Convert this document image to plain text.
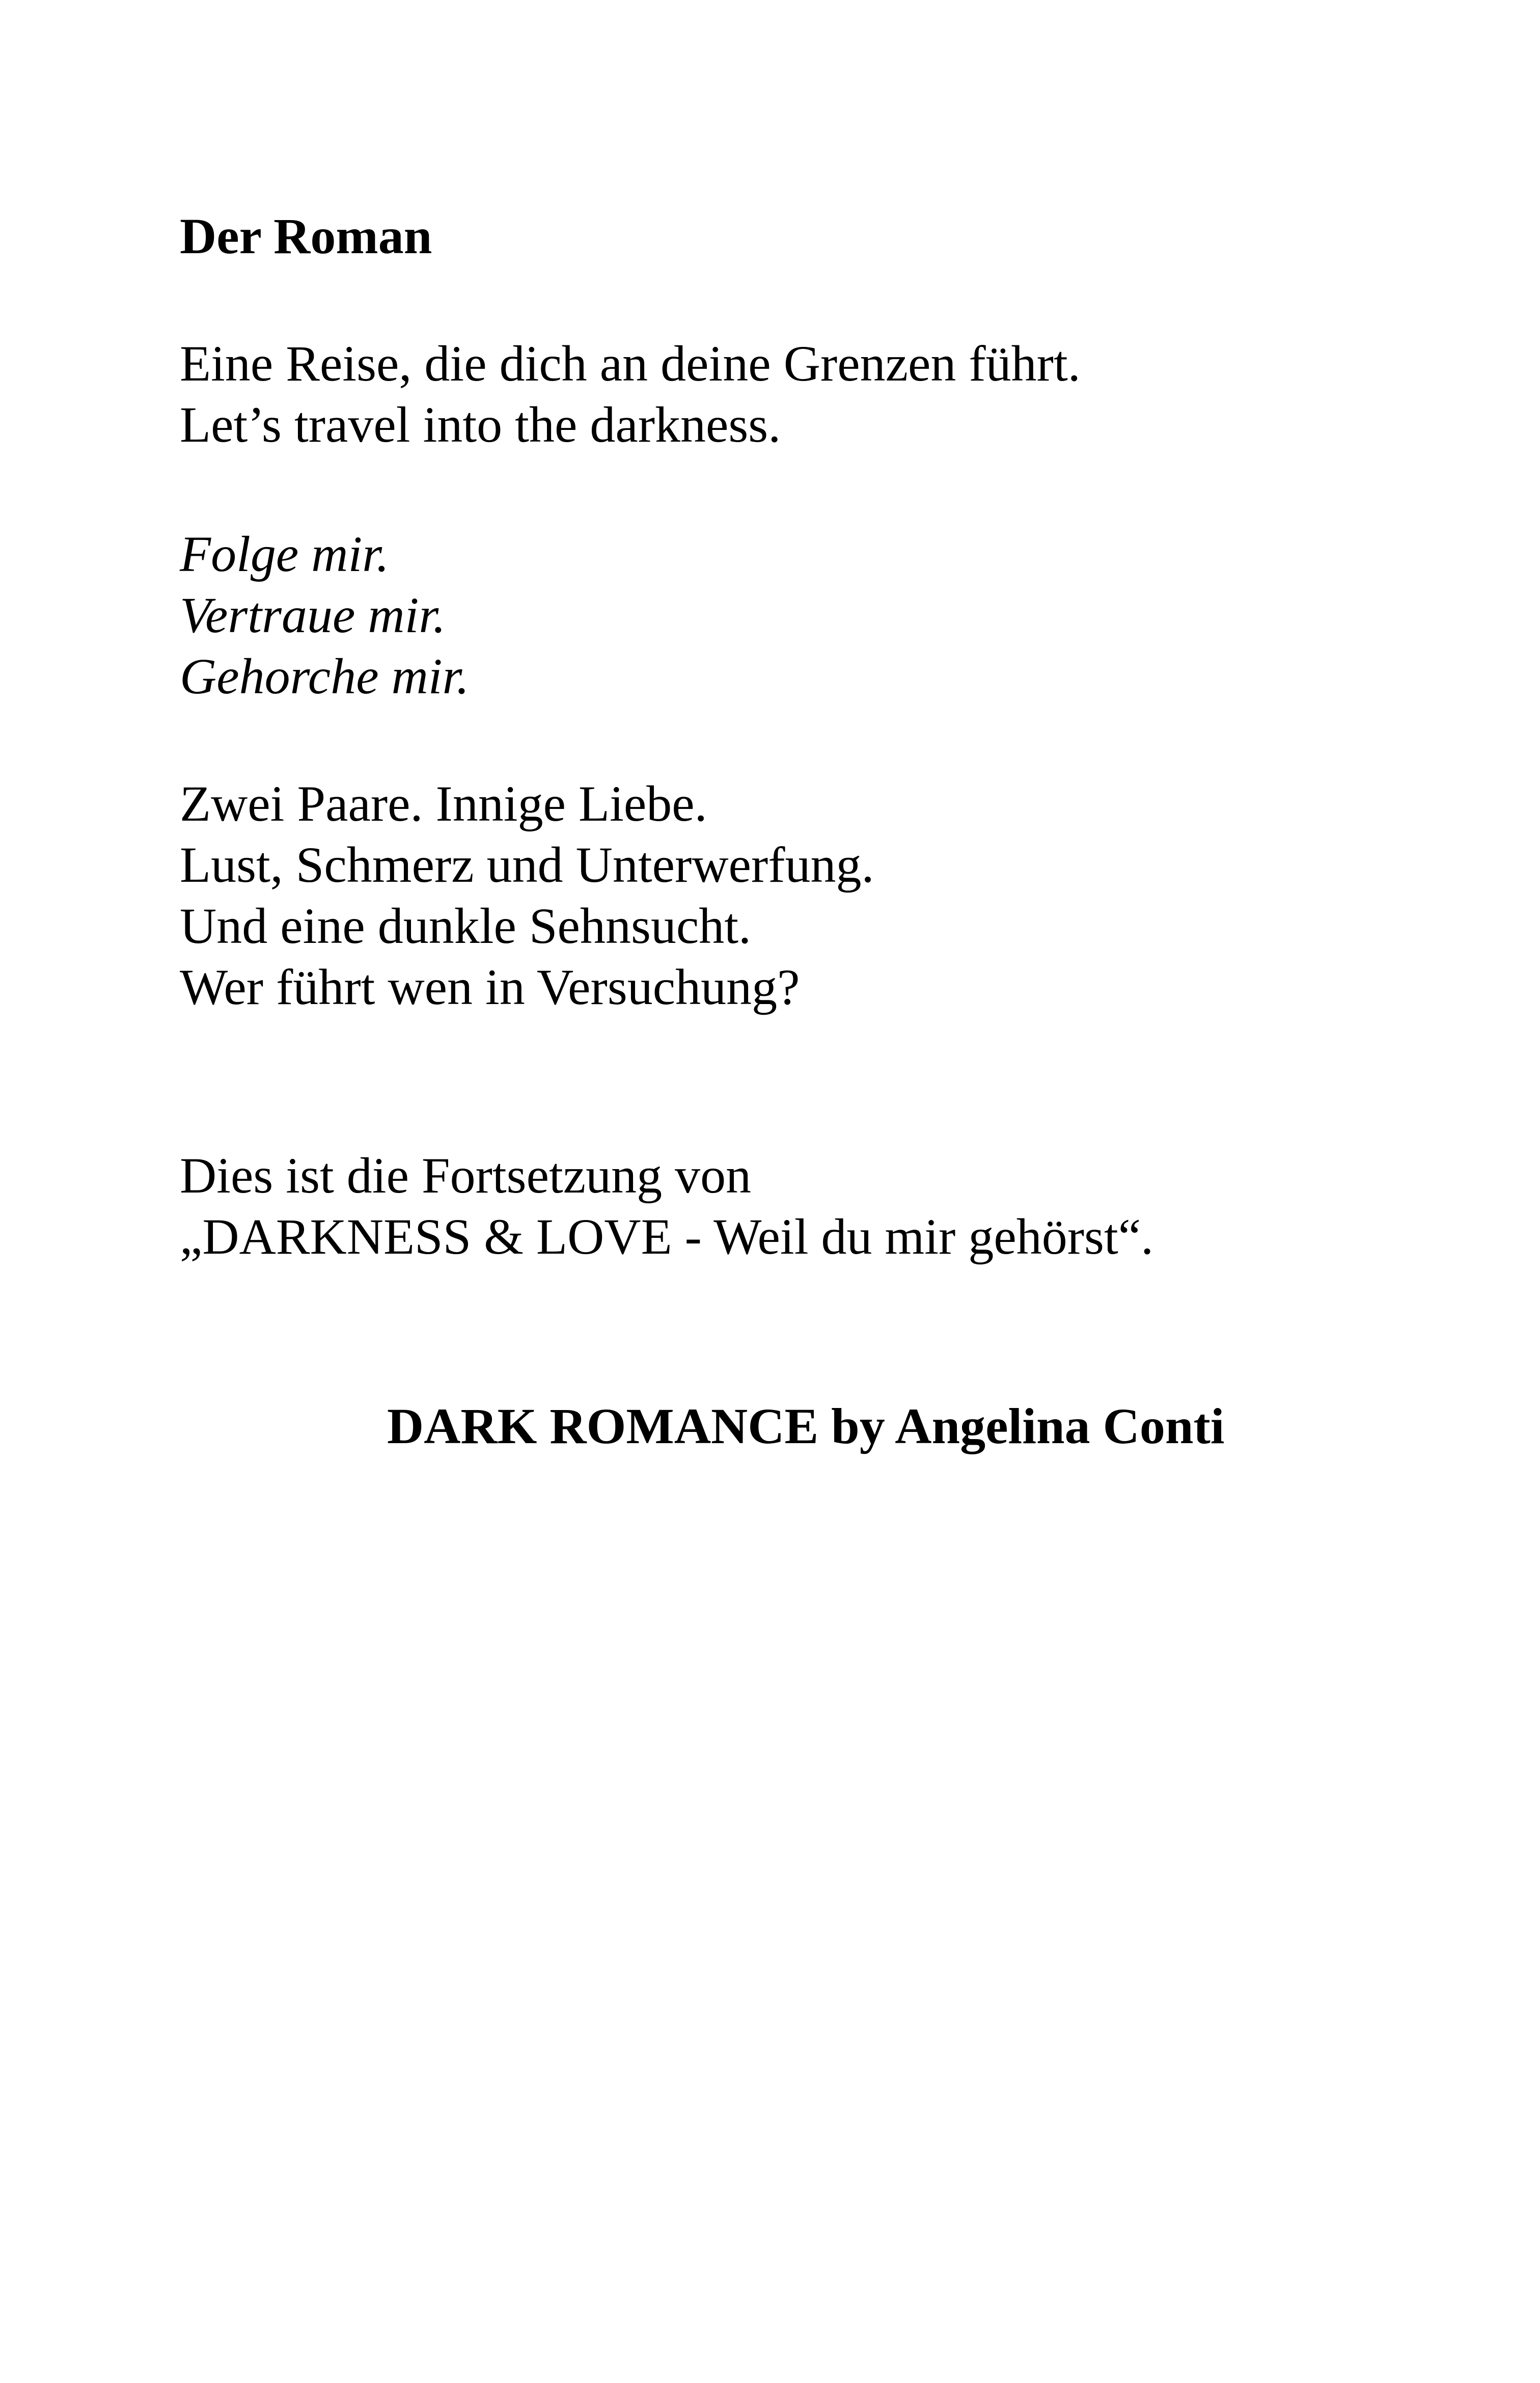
Der Roman

Eine Reise, die dich an deine Grenzen führt.

Let’s travel into the darkness.

Folge mir.

Vertraue mir.

Gehorche mir.

Zwei Paare. Innige Liebe.

Lust, Schmerz und Unterwerfung.

Und eine dunkle Sehnsucht.

Wer führt wen in Versuchung?

Dies ist die Fortsetzung von

„DARKNESS & LOVE - Weil du mir gehörst“.

DARK ROMANCE by Angelina Conti
